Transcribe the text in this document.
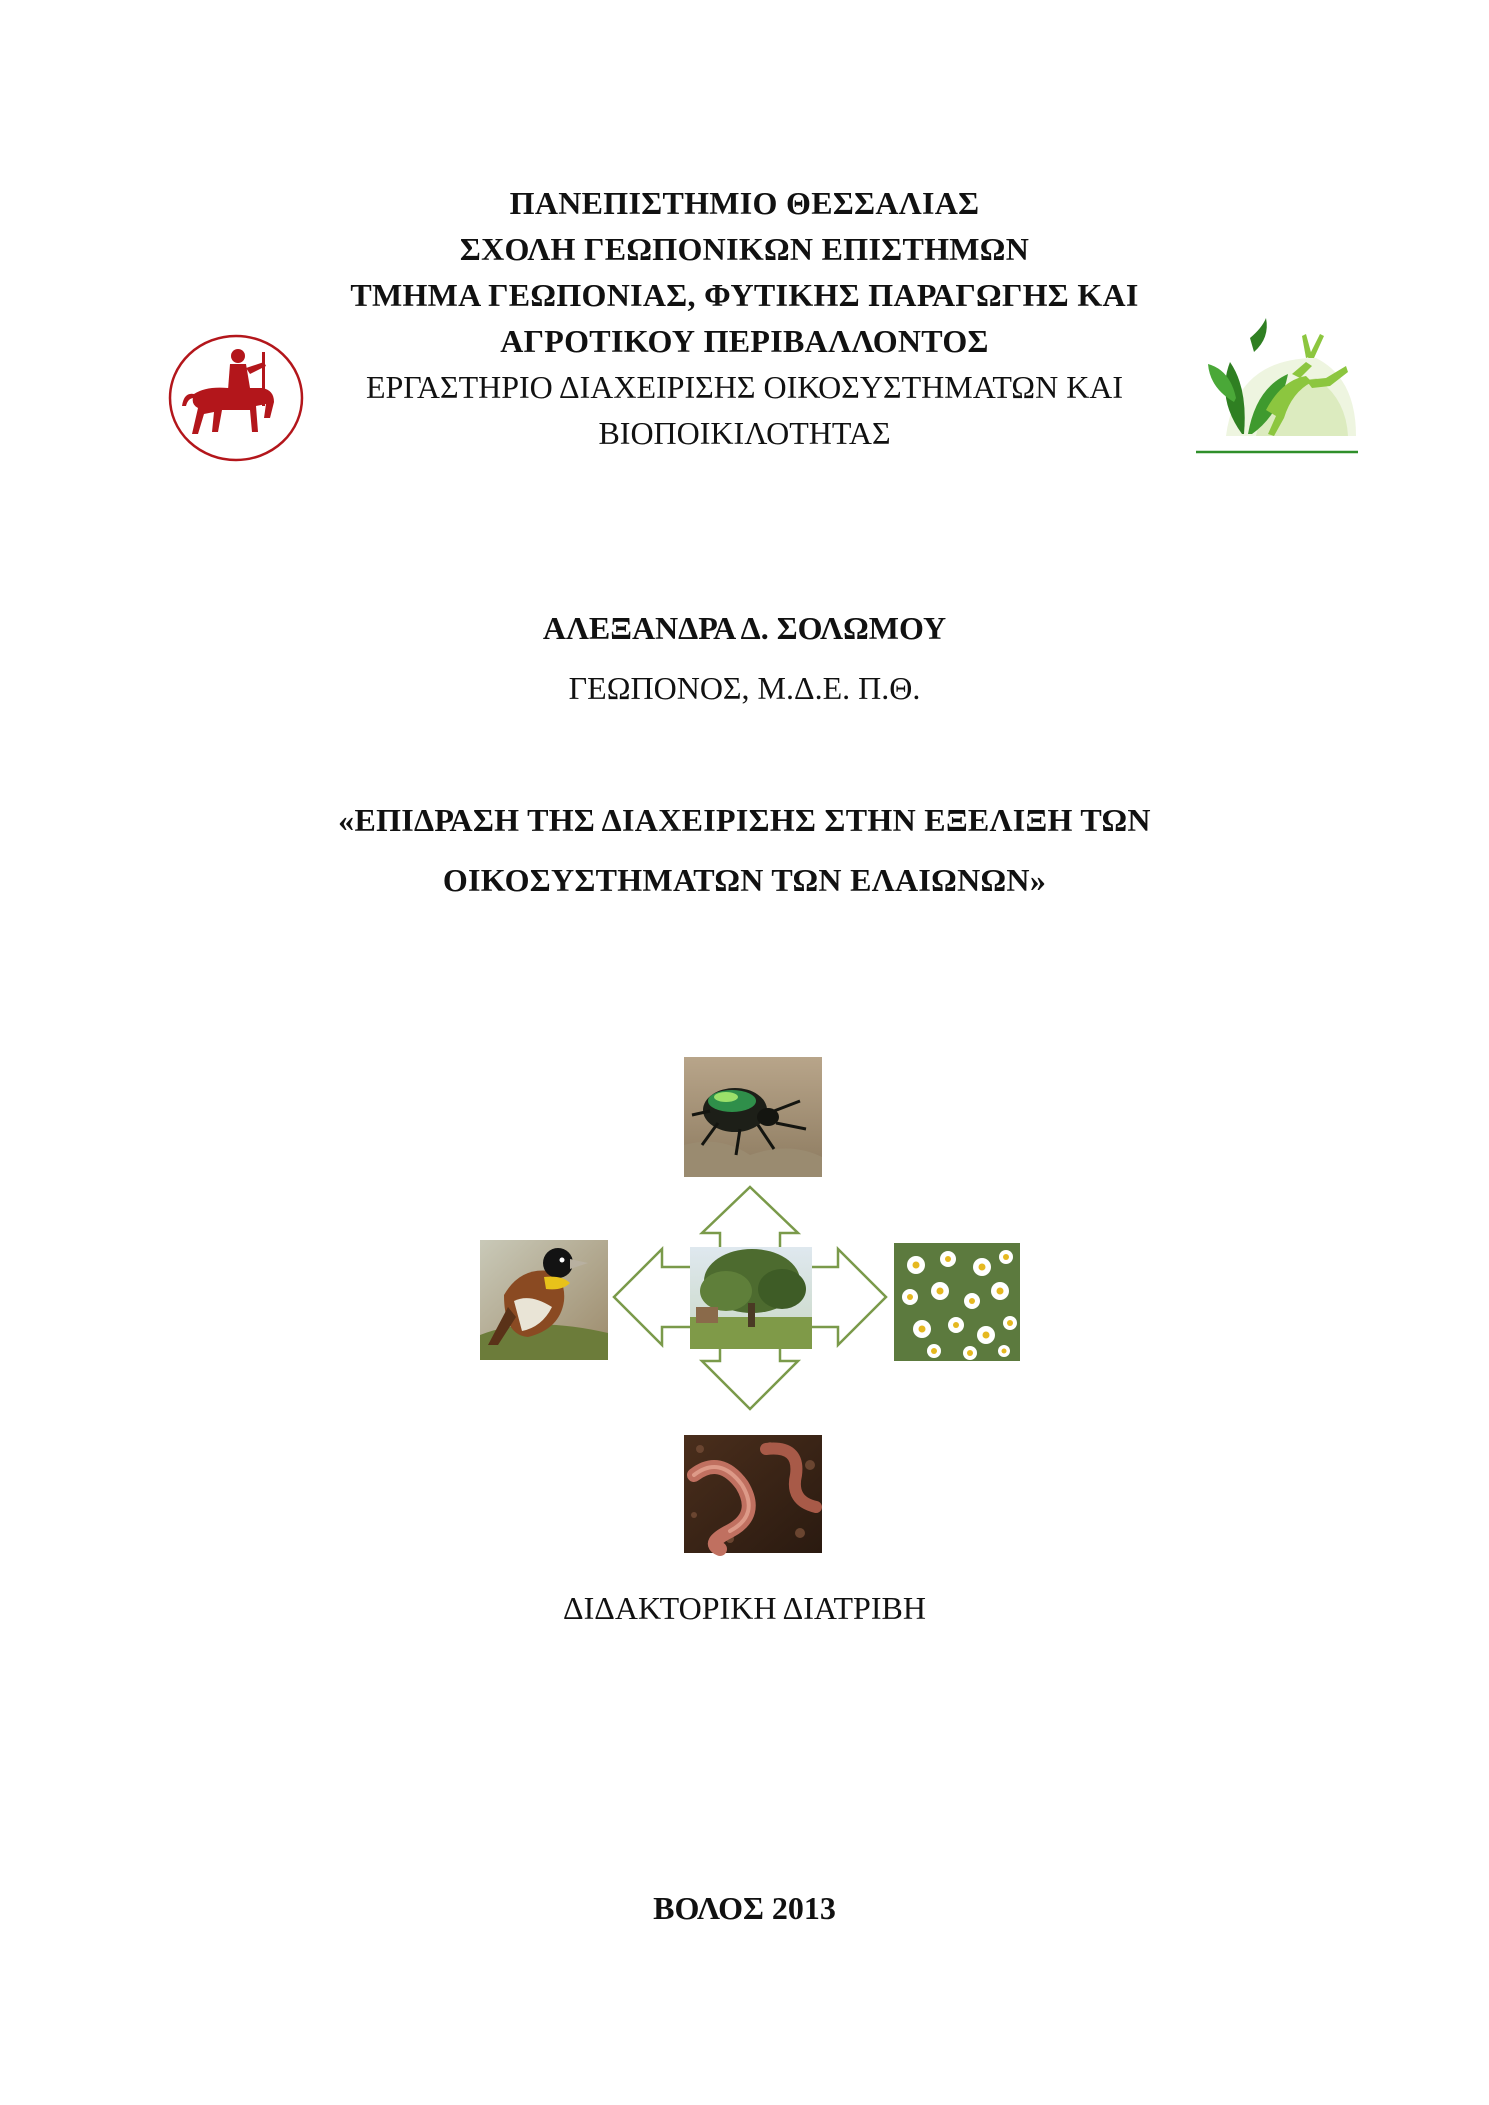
ΠΑΝΕΠΙΣΤΗΜΙΟ ΘΕΣΣΑΛΙΑΣ
ΣΧΟΛΗ ΓΕΩΠΟΝΙΚΩΝ ΕΠΙΣΤΗΜΩΝ
ΤΜΗΜΑ ΓΕΩΠΟΝΙΑΣ, ΦΥΤΙΚΗΣ ΠΑΡΑΓΩΓΗΣ ΚΑΙ
ΑΓΡΟΤΙΚΟΥ ΠΕΡΙΒΑΛΛΟΝΤΟΣ
ΕΡΓΑΣΤΗΡΙΟ ΔΙΑΧΕΙΡΙΣΗΣ ΟΙΚΟΣΥΣΤΗΜΑΤΩΝ ΚΑΙ
ΒΙΟΠΟΙΚΙΛΟΤΗΤΑΣ
ΑΛΕΞΑΝΔΡΑ Δ. ΣΟΛΩΜΟΥ
ΓΕΩΠΟΝΟΣ, Μ.Δ.Ε. Π.Θ.
«ΕΠΙΔΡΑΣΗ ΤΗΣ ΔΙΑΧΕΙΡΙΣΗΣ ΣΤΗΝ ΕΞΕΛΙΞΗ ΤΩΝ
ΟΙΚΟΣΥΣΤΗΜΑΤΩΝ ΤΩΝ ΕΛΑΙΩΝΩΝ»
ΔΙΔΑΚΤΟΡΙΚΗ ΔΙΑΤΡΙΒΗ
ΒΟΛΟΣ 2013
